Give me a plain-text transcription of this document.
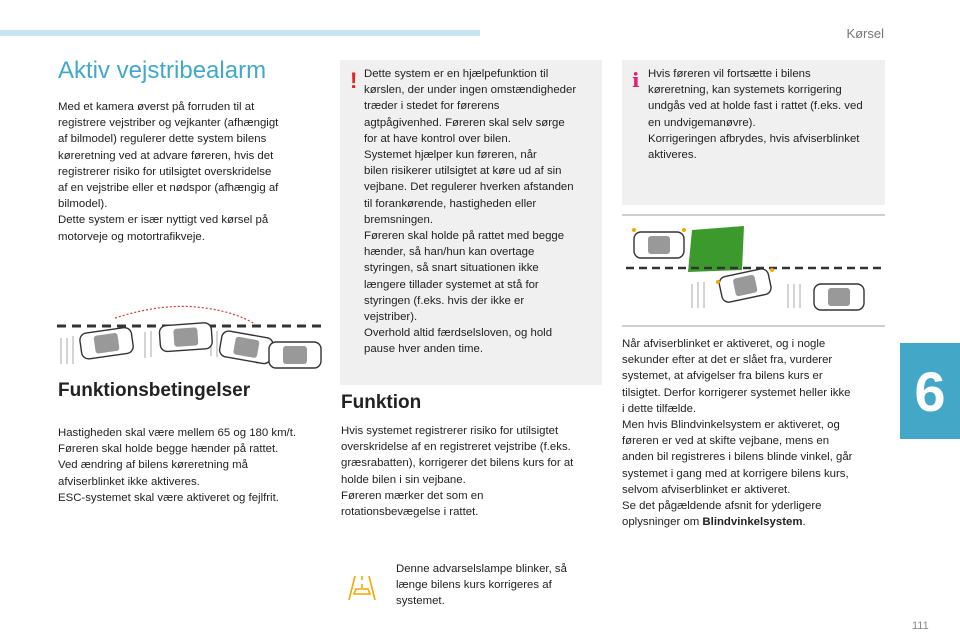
Kørsel
6
111
Aktiv vejstribealarm

Med et kamera øverst på forruden til at
registrere vejstriber og vejkanter (afhængigt
af bilmodel) regulerer dette system bilens
køreretning ved at advare føreren, hvis det
registrerer risiko for utilsigtet overskridelse
af en vejstribe eller et nødspor (afhængig af
bilmodel).
Dette system er især nyttigt ved kørsel på
motorveje og motortrafikveje.

Funktionsbetingelser

Hastigheden skal være mellem 65 og 180 km/t.
Føreren skal holde begge hænder på rattet.
Ved ændring af bilens køreretning må
afviserblinket ikke aktiveres.
ESC-systemet skal være aktiveret og fejlfrit.

! Dette system er en hjælpefunktion til
kørslen, der under ingen omstændigheder
træder i stedet for førerens
agtpågivenhed. Føreren skal selv sørge
for at have kontrol over bilen.
Systemet hjælper kun føreren, når
bilen risikerer utilsigtet at køre ud af sin
vejbane. Det regulerer hverken afstanden
til forankørende, hastigheden eller
bremsningen.
Føreren skal holde på rattet med begge
hænder, så han/hun kan overtage
styringen, så snart situationen ikke
længere tillader systemet at stå for
styringen (f.eks. hvis der ikke er
vejstriber).
Overhold altid færdselsloven, og hold
pause hver anden time.

Funktion

Hvis systemet registrerer risiko for utilsigtet
overskridelse af en registreret vejstribe (f.eks.
græsrabatten), korrigerer det bilens kurs for at
holde bilen i sin vejbane.
Føreren mærker det som en
rotationsbevægelse i rattet.

Denne advarselslampe blinker, så
længe bilens kurs korrigeres af
systemet.

i Hvis føreren vil fortsætte i bilens
køreretning, kan systemets korrigering
undgås ved at holde fast i rattet (f.eks. ved
en undvigemanøvre).
Korrigeringen afbrydes, hvis afviserblinket
aktiveres.

Når afviserblinket er aktiveret, og i nogle
sekunder efter at det er slået fra, vurderer
systemet, at afvigelser fra bilens kurs er
tilsigtet. Derfor korrigerer systemet heller ikke
i dette tilfælde.
Men hvis Blindvinkelsystem er aktiveret, og
føreren er ved at skifte vejbane, mens en
anden bil registreres i bilens blinde vinkel, går
systemet i gang med at korrigere bilens kurs,
selvom afviserblinket er aktiveret.
Se det pågældende afsnit for yderligere
oplysninger om Blindvinkelsystem.
